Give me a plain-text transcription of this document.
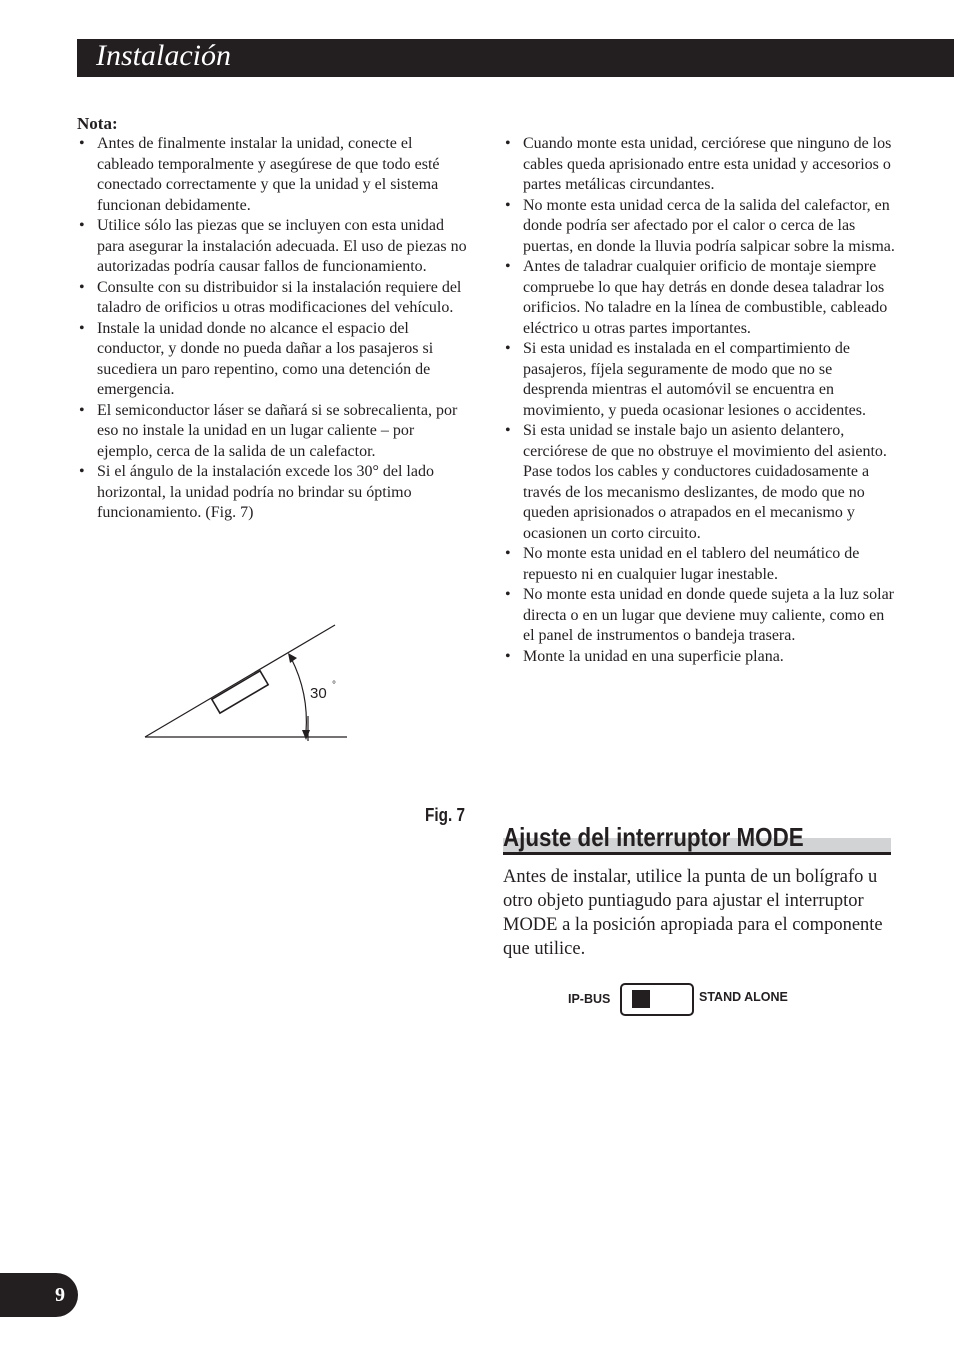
Instalación
Nota:
• Antes de finalmente instalar la unidad, conecte el cableado temporalmente y asegúrese de que todo esté conectado correctamente y que la unidad y el sistema funcionan debidamente.
• Utilice sólo las piezas que se incluyen con esta unidad para asegurar la instalación adecuada. El uso de piezas no autorizadas podría causar fallos de funcionamiento.
• Consulte con su distribuidor si la instalación requiere del taladro de orificios u otras modificaciones del vehículo.
• Instale la unidad donde no alcance el espacio del conductor, y donde no pueda dañar a los pasajeros si sucediera un paro repentino, como una detención de emergencia.
• El semiconductor láser se dañará si se sobrecalienta, por eso no instale la unidad en un lugar caliente – por ejemplo, cerca de la salida de un calefactor.
• Si el ángulo de la instalación excede los 30° del lado horizontal, la unidad podría no brindar su óptimo funcionamiento. (Fig. 7)
30 °
Fig. 7
• Cuando monte esta unidad, cerciórese que ninguno de los cables queda aprisionado entre esta unidad y accesorios o partes metálicas circundantes.
• No monte esta unidad cerca de la salida del calefactor, en donde podría ser afectado por el calor o cerca de las puertas, en donde la lluvia podría salpicar sobre la misma.
• Antes de taladrar cualquier orificio de montaje siempre compruebe lo que hay detrás en donde desea taladrar los orificios. No taladre en la línea de combustible, cableado eléctrico u otras partes importantes.
• Si esta unidad es instalada en el compartimiento de pasajeros, fíjela seguramente de modo que no se desprenda mientras el automóvil se encuentra en movimiento, y pueda ocasionar lesiones o accidentes.
• Si esta unidad se instale bajo un asiento delantero, cerciórese de que no obstruye el movimiento del asiento. Pase todos los cables y conductores cuidadosamente a través de los mecanismo deslizantes, de modo que no queden aprisionados o atrapados en el mecanismo y ocasionen un corto circuito.
• No monte esta unidad en el tablero del neumático de repuesto ni en cualquier lugar inestable.
• No monte esta unidad en donde quede sujeta a la luz solar directa o en un lugar que deviene muy caliente, como en el panel de instrumentos o bandeja trasera.
• Monte la unidad en una superficie plana.
Ajuste del interruptor MODE
Antes de instalar, utilice la punta de un bolígrafo u otro objeto puntiagudo para ajustar el interruptor MODE a la posición apropiada para el componente que utilice.
IP-BUS	STAND ALONE
9
